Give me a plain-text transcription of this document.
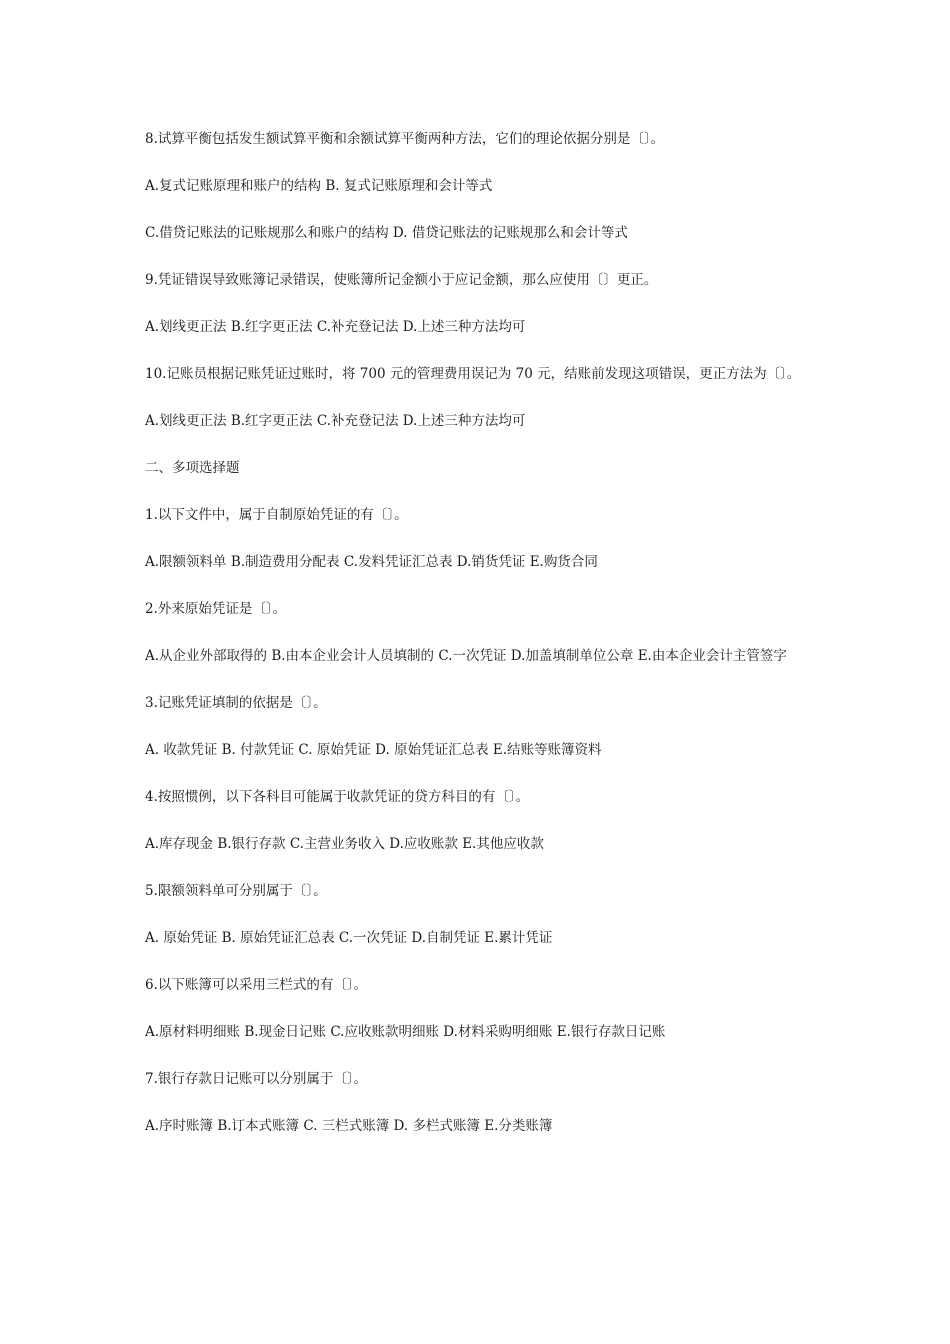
8.试算平衡包括发生额试算平衡和余额试算平衡两种方法，它们的理论依据分别是〔〕。

A.复式记账原理和账户的结构 B. 复式记账原理和会计等式

C.借贷记账法的记账规那么和账户的结构 D. 借贷记账法的记账规那么和会计等式

9.凭证错误导致账簿记录错误，使账簿所记金额小于应记金额，那么应使用〔〕更正。

A.划线更正法 B.红字更正法 C.补充登记法 D.上述三种方法均可

10.记账员根据记账凭证过账时，将 700 元的管理费用误记为 70 元，结账前发现这项错误，更正方法为〔〕。

A.划线更正法 B.红字更正法 C.补充登记法 D.上述三种方法均可

二、多项选择题

1.以下文件中，属于自制原始凭证的有〔〕。

A.限额领料单 B.制造费用分配表 C.发料凭证汇总表 D.销货凭证 E.购货合同

2.外来原始凭证是〔〕。

A.从企业外部取得的 B.由本企业会计人员填制的 C.一次凭证 D.加盖填制单位公章 E.由本企业会计主管签字

3.记账凭证填制的依据是〔〕。

A. 收款凭证 B. 付款凭证 C. 原始凭证 D. 原始凭证汇总表 E.结账等账簿资料

4.按照惯例，以下各科目可能属于收款凭证的贷方科目的有〔〕。

A.库存现金 B.银行存款 C.主营业务收入 D.应收账款 E.其他应收款

5.限额领料单可分别属于〔〕。

A. 原始凭证 B. 原始凭证汇总表 C.一次凭证 D.自制凭证 E.累计凭证

6.以下账簿可以采用三栏式的有〔〕。

A.原材料明细账 B.现金日记账 C.应收账款明细账 D.材料采购明细账 E.银行存款日记账

7.银行存款日记账可以分别属于〔〕。

A.序时账簿 B.订本式账簿 C. 三栏式账簿 D. 多栏式账簿 E.分类账簿
